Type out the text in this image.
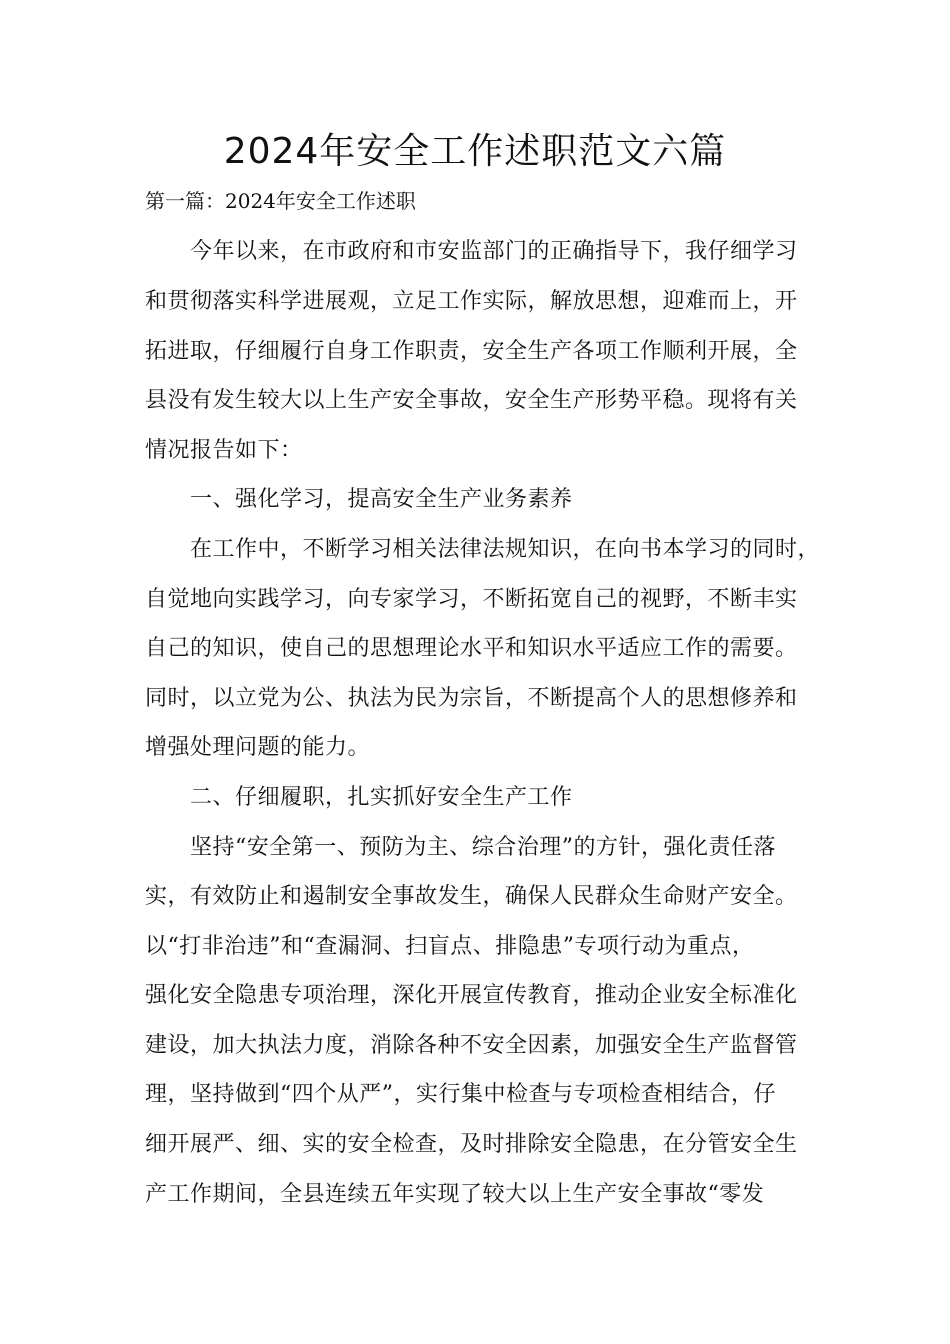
2024年安全工作述职范文六篇
第一篇：2024年安全工作述职
今年以来，在市政府和市安监部门的正确指导下，我仔细学习
和贯彻落实科学进展观，立足工作实际，解放思想，迎难而上，开
拓进取，仔细履行自身工作职责，安全生产各项工作顺利开展，全
县没有发生较大以上生产安全事故，安全生产形势平稳。现将有关
情况报告如下：
一、强化学习，提高安全生产业务素养
在工作中，不断学习相关法律法规知识，在向书本学习的同时，
自觉地向实践学习，向专家学习，不断拓宽自己的视野，不断丰实
自己的知识，使自己的思想理论水平和知识水平适应工作的需要。
同时，以立党为公、执法为民为宗旨，不断提高个人的思想修养和
增强处理问题的能力。
二、仔细履职，扎实抓好安全生产工作
坚持“安全第一、预防为主、综合治理”的方针，强化责任落
实，有效防止和遏制安全事故发生，确保人民群众生命财产安全。
以“打非治违”和“查漏洞、扫盲点、排隐患”专项行动为重点，
强化安全隐患专项治理，深化开展宣传教育，推动企业安全标准化
建设，加大执法力度，消除各种不安全因素，加强安全生产监督管
理，坚持做到“四个从严”，实行集中检查与专项检查相结合，仔
细开展严、细、实的安全检查，及时排除安全隐患，在分管安全生
产工作期间，全县连续五年实现了较大以上生产安全事故“零发
